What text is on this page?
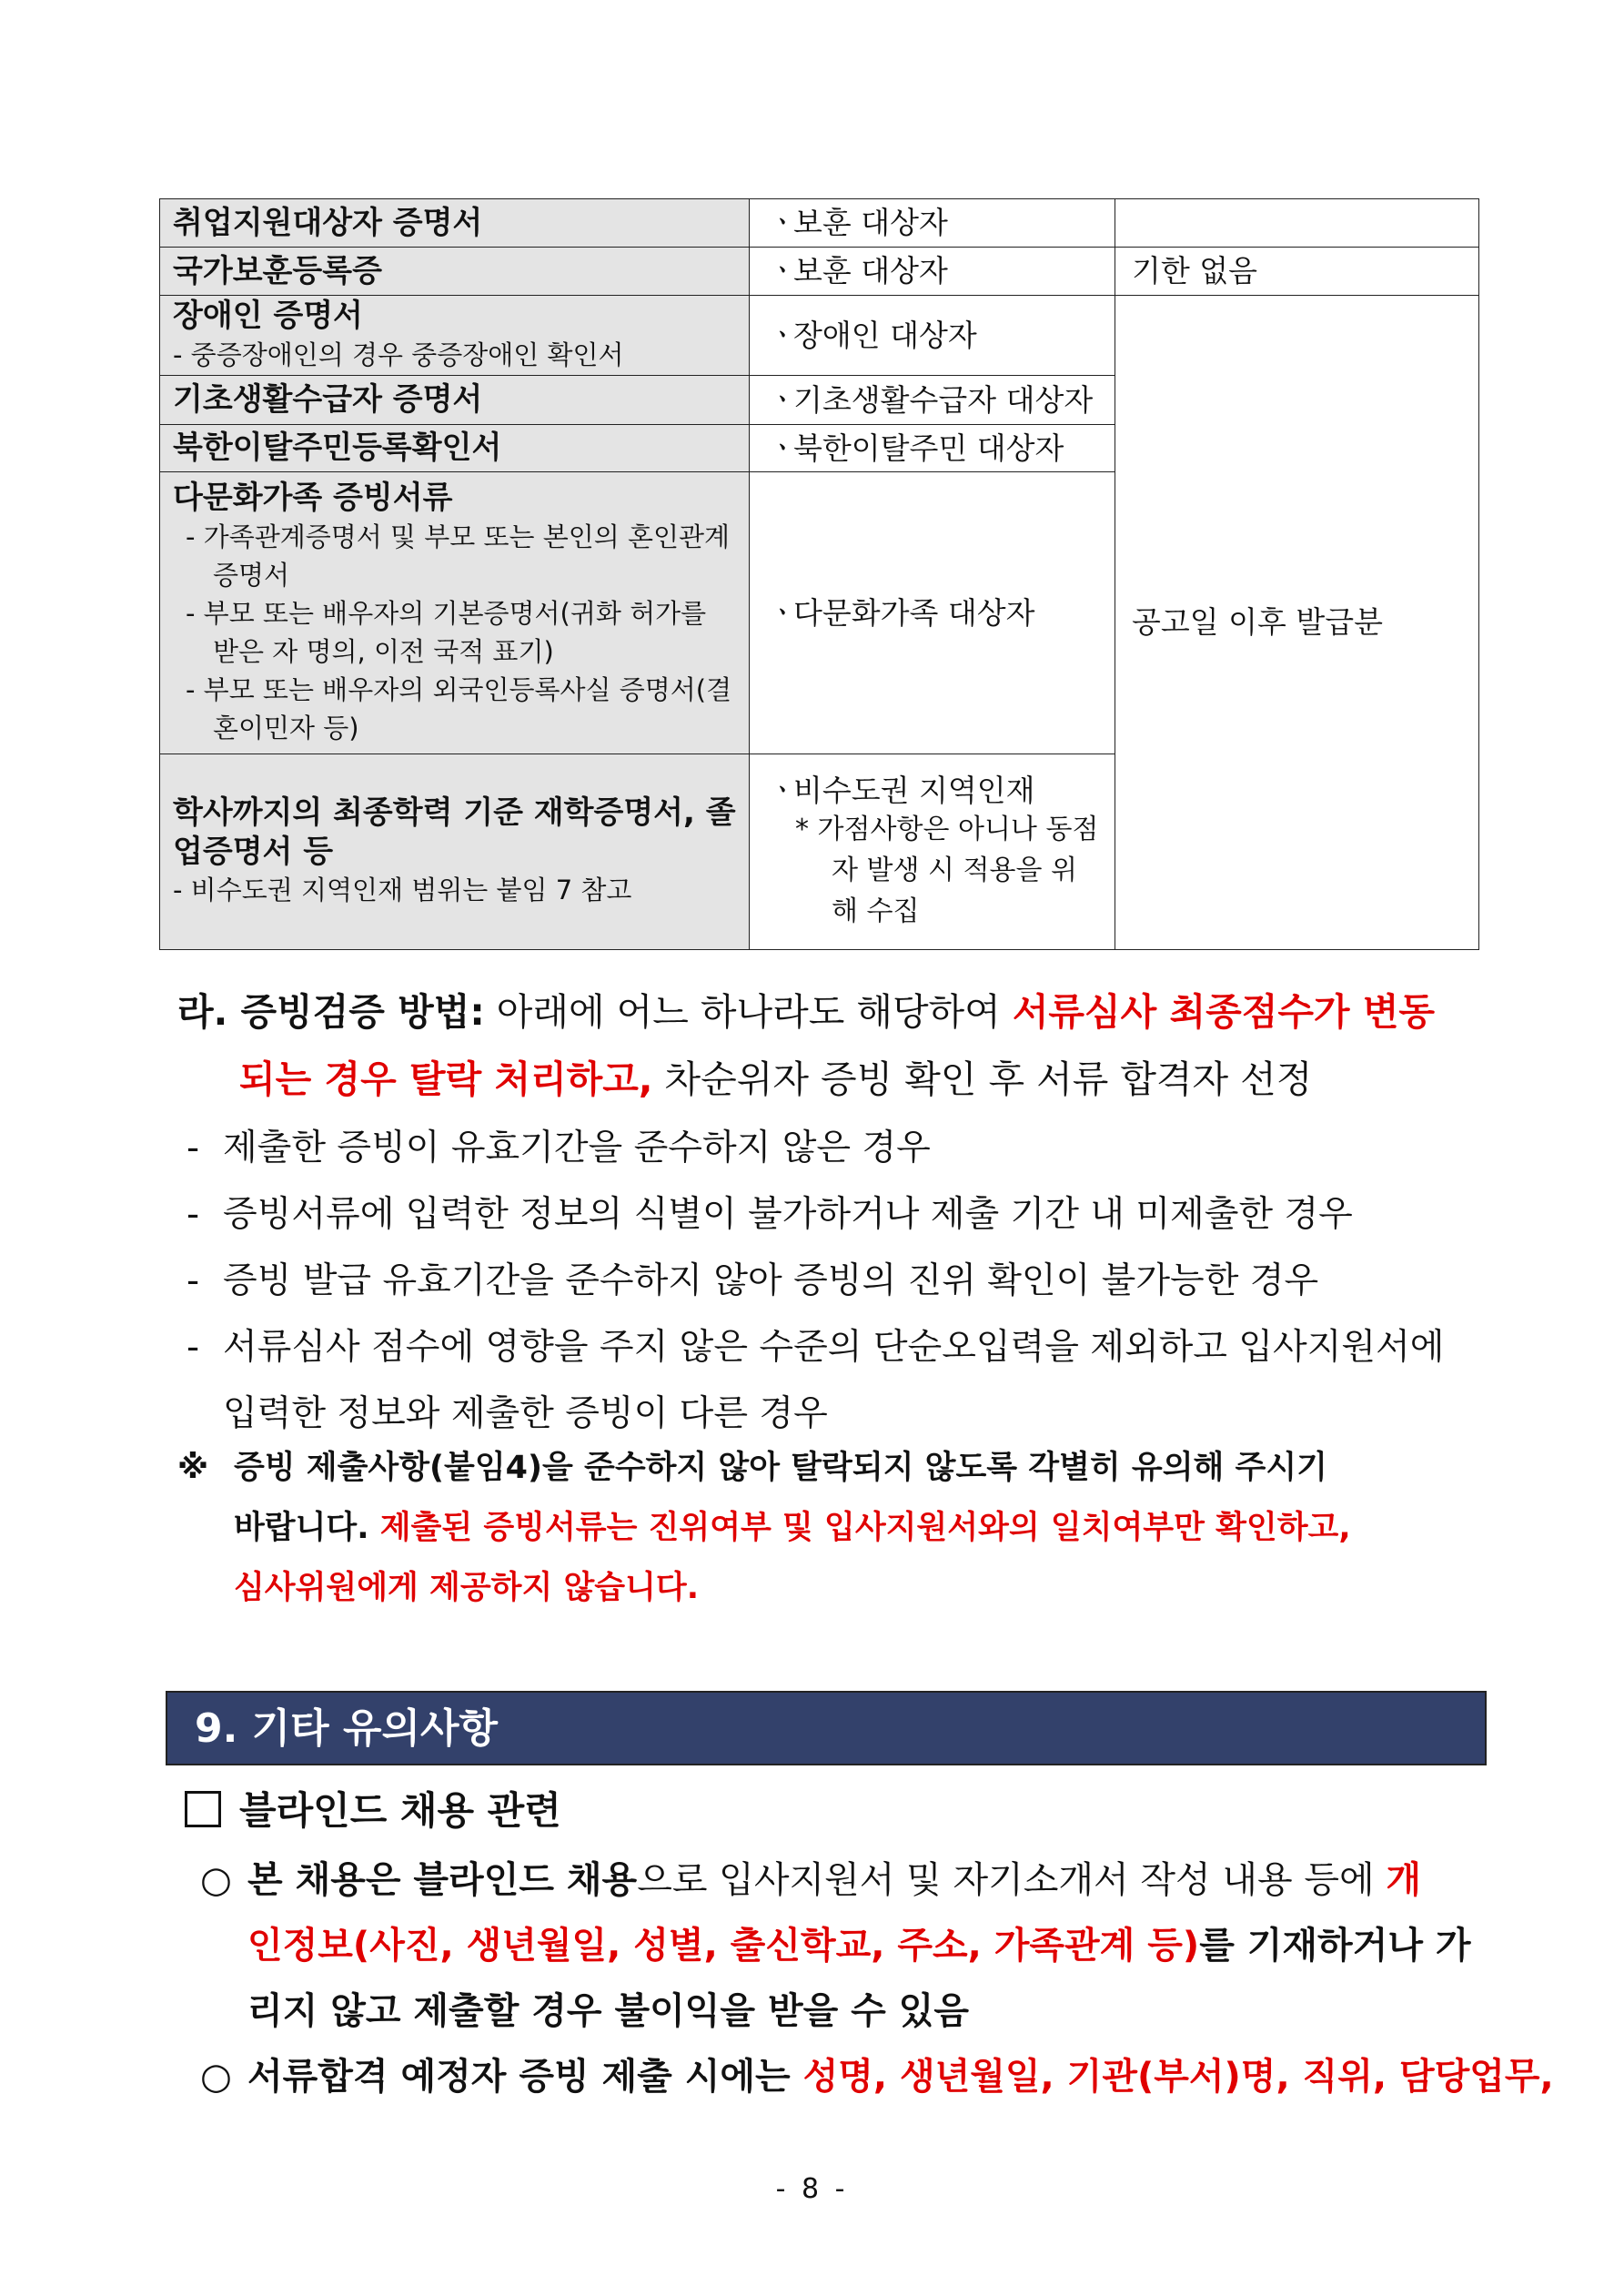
취업지원대상자 증명서	ㆍ보훈 대상자		
국가보훈등록증	ㆍ보훈 대상자	기한 없음	
장애인 증명서
- 중증장애인의 경우 중증장애인 확인서	ㆍ장애인 대상자	공고일 이후 발급분	
기초생활수급자 증명서	ㆍ기초생활수급자 대상자		
북한이탈주민등록확인서	ㆍ북한이탈주민 대상자		
다문화가족 증빙서류
- 가족관계증명서 및 부모 또는 본인의 혼인관계증명서
- 부모 또는 배우자의 기본증명서(귀화 허가를 받은 자 명의, 이전 국적 표기)
- 부모 또는 배우자의 외국인등록사실 증명서(결혼이민자 등)	ㆍ다문화가족 대상자		
학사까지의 최종학력 기준 재학증명서, 졸업증명서 등
- 비수도권 지역인재 범위는 붙임 7 참고	ㆍ비수도권 지역인재
* 가점사항은 아니나 동점자 발생 시 적용을 위해 수집		

라. 증빙검증 방법: 아래에 어느 하나라도 해당하여 서류심사 최종점수가 변동
되는 경우 탈락 처리하고, 차순위자 증빙 확인 후 서류 합격자 선정
- 제출한 증빙이 유효기간을 준수하지 않은 경우
- 증빙서류에 입력한 정보의 식별이 불가하거나 제출 기간 내 미제출한 경우
- 증빙 발급 유효기간을 준수하지 않아 증빙의 진위 확인이 불가능한 경우
- 서류심사 점수에 영향을 주지 않은 수준의 단순오입력을 제외하고 입사지원서에
입력한 정보와 제출한 증빙이 다른 경우
※ 증빙 제출사항(붙임4)을 준수하지 않아 탈락되지 않도록 각별히 유의해 주시기
바랍니다. 제출된 증빙서류는 진위여부 및 입사지원서와의 일치여부만 확인하고,
심사위원에게 제공하지 않습니다.
9. 기타 유의사항
블라인드 채용 관련
○ 본 채용은 블라인드 채용으로 입사지원서 및 자기소개서 작성 내용 등에 개
인정보(사진, 생년월일, 성별, 출신학교, 주소, 가족관계 등)를 기재하거나 가
리지 않고 제출할 경우 불이익을 받을 수 있음
○ 서류합격 예정자 증빙 제출 시에는 성명, 생년월일, 기관(부서)명, 직위, 담당업무,
- 8 -
